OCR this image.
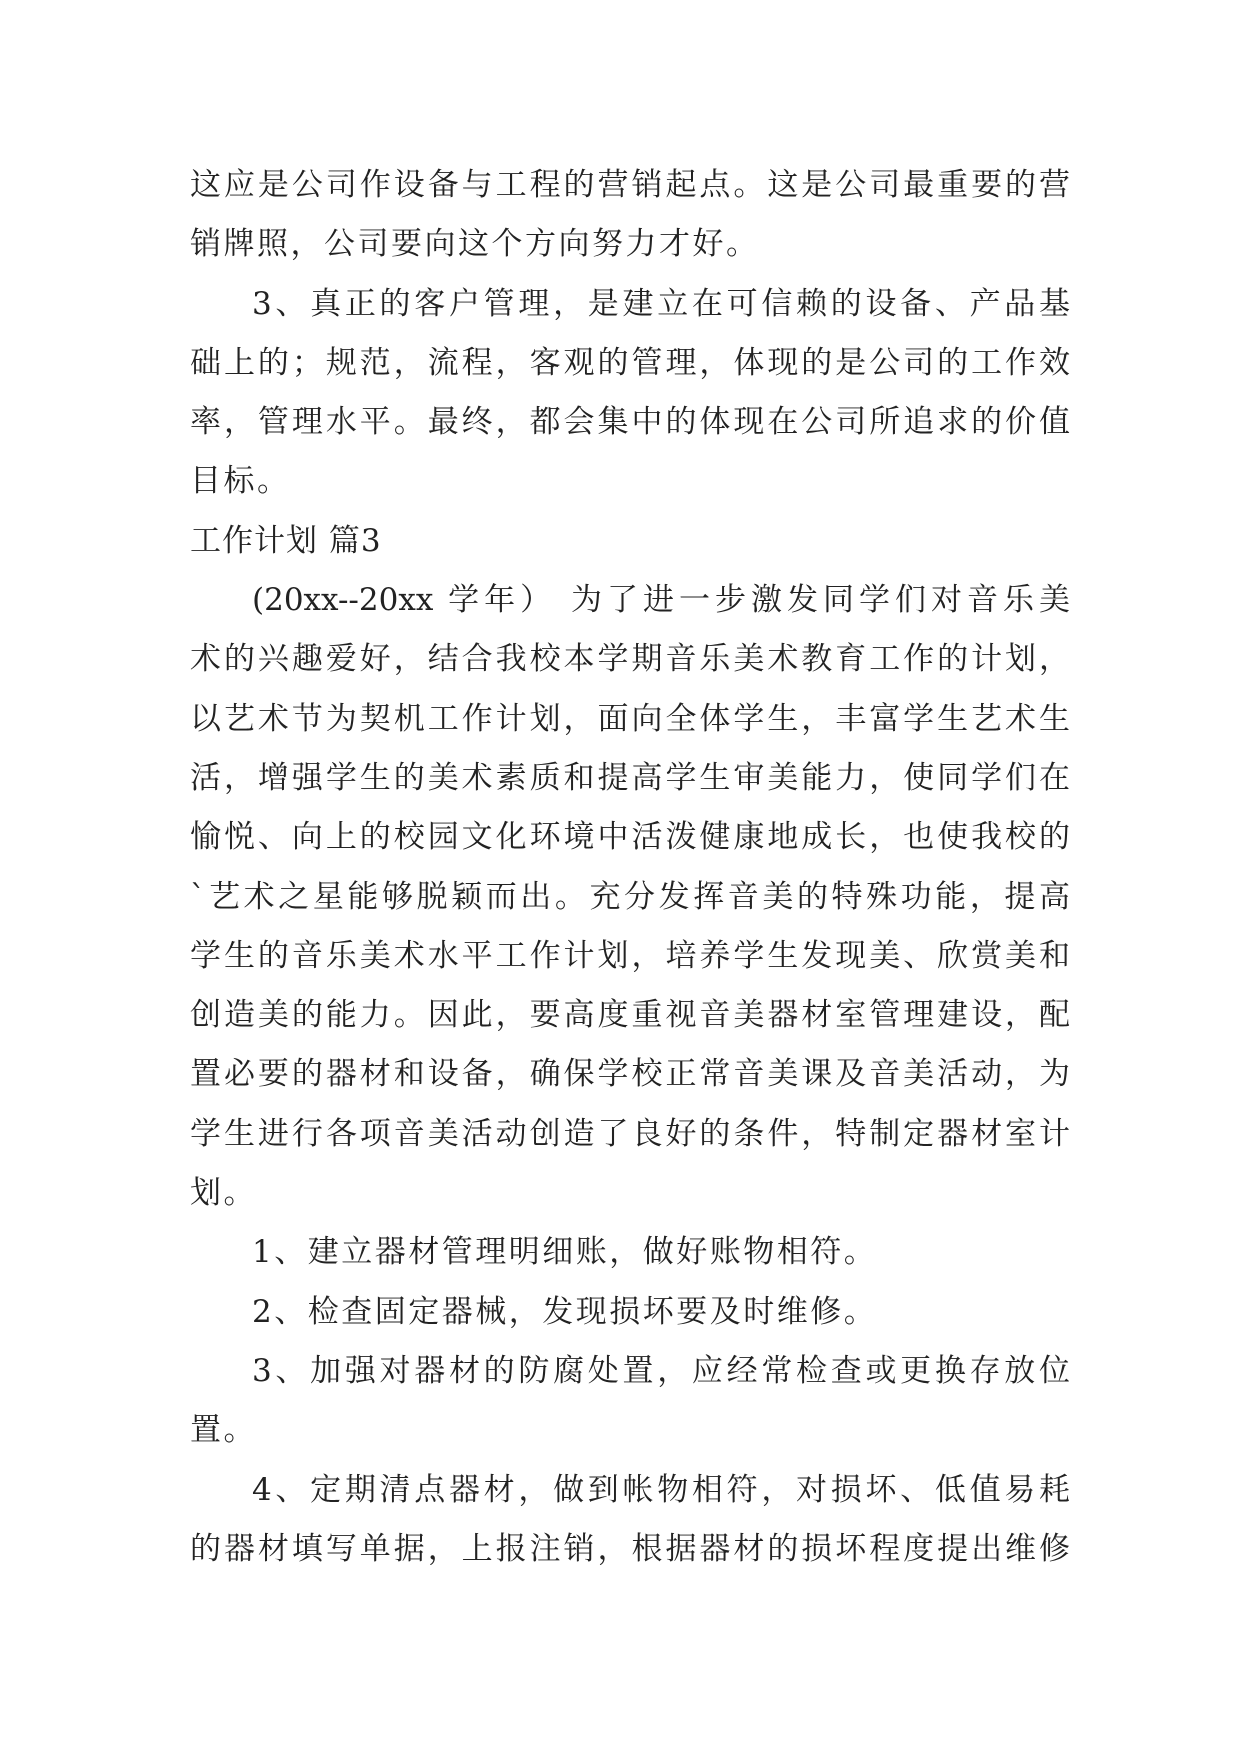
这应是公司作设备与工程的营销起点。这是公司最重要的营
销牌照，公司要向这个方向努力才好。
3、真正的客户管理，是建立在可信赖的设备、产品基
础上的；规范，流程，客观的管理，体现的是公司的工作效
率，管理水平。最终，都会集中的体现在公司所追求的价值
目标。
工作计划 篇3
(20xx--20xx 学年） 为了进一步激发同学们对音乐美
术的兴趣爱好，结合我校本学期音乐美术教育工作的计划，
以艺术节为契机工作计划，面向全体学生，丰富学生艺术生
活，增强学生的美术素质和提高学生审美能力，使同学们在
愉悦、向上的校园文化环境中活泼健康地成长，也使我校的
`艺术之星能够脱颖而出。充分发挥音美的特殊功能，提高
学生的音乐美术水平工作计划，培养学生发现美、欣赏美和
创造美的能力。因此，要高度重视音美器材室管理建设，配
置必要的器材和设备，确保学校正常音美课及音美活动，为
学生进行各项音美活动创造了良好的条件，特制定器材室计
划。
1、建立器材管理明细账，做好账物相符。
2、检查固定器械，发现损坏要及时维修。
3、加强对器材的防腐处置，应经常检查或更换存放位
置。
4、定期清点器材，做到帐物相符，对损坏、低值易耗
的器材填写单据，上报注销，根据器材的损坏程度提出维修
